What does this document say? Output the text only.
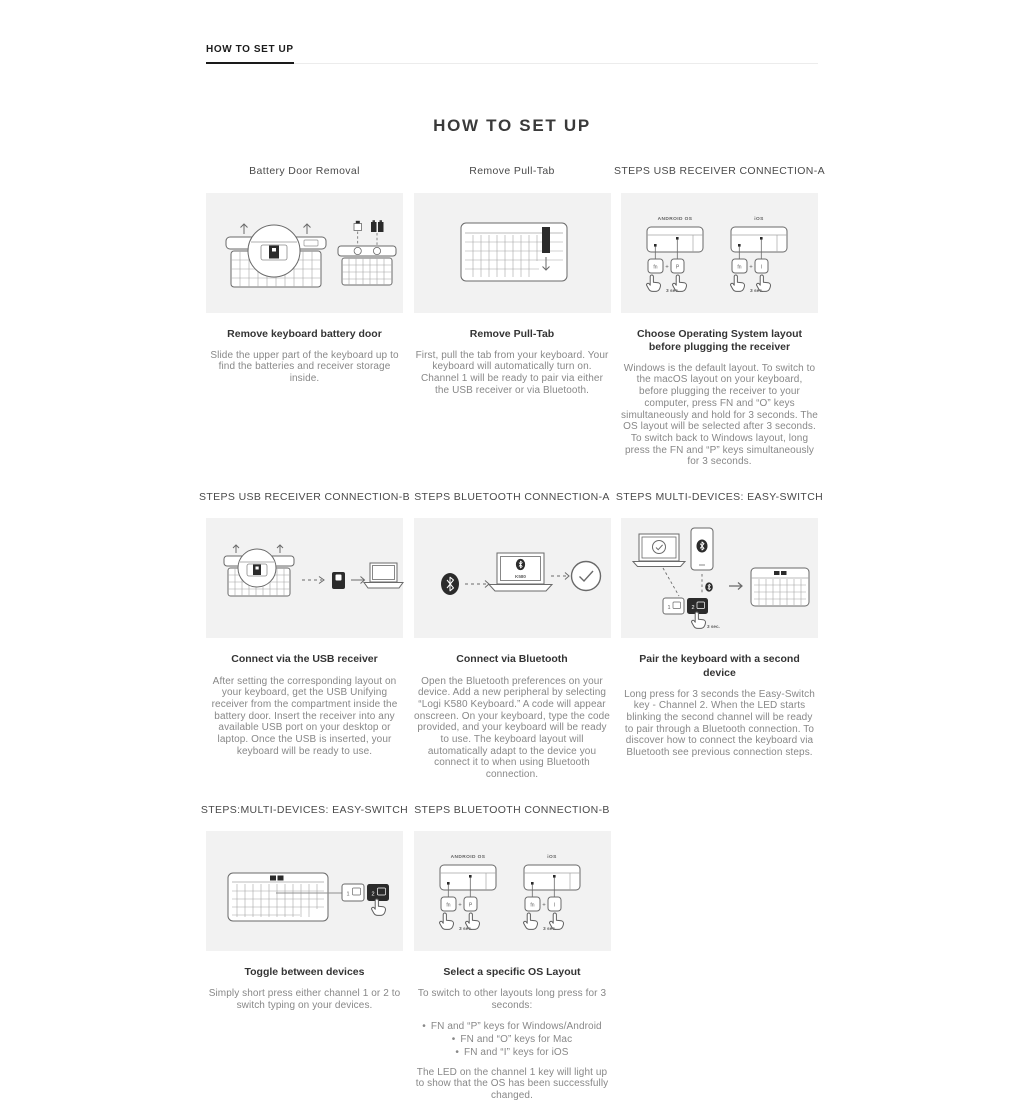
HOW TO SET UP
HOW TO SET UP
Battery Door Removal
Remove keyboard battery door
Slide the upper part of the keyboard up to find the batteries and receiver storage inside.
Remove Pull-Tab
Remove Pull-Tab
First, pull the tab from your keyboard. Your keyboard will automatically turn on. Channel 1 will be ready to pair via either the USB receiver or via Bluetooth.
STEPS USB RECEIVER CONNECTION-A
ANDROID OS
fn + P
3 sec.
iOS
fn + I
3 sec.
Choose Operating System layout before plugging the receiver
Windows is the default layout. To switch to the macOS layout on your keyboard, before plugging the receiver to your computer, press FN and “O” keys simultaneously and hold for 3 seconds. The OS layout will be selected after 3 seconds. To switch back to Windows layout, long press the FN and “P” keys simultaneously for 3 seconds.
STEPS USB RECEIVER CONNECTION-B
Connect via the USB receiver
After setting the corresponding layout on your keyboard, get the USB Unifying receiver from the compartment inside the battery door. Insert the receiver into any available USB port on your desktop or laptop. Once the USB is inserted, your keyboard will be ready to use.
STEPS BLUETOOTH CONNECTION-A
K580
Connect via Bluetooth
Open the Bluetooth preferences on your device. Add a new peripheral by selecting “Logi K580 Keyboard.” A code will appear onscreen. On your keyboard, type the code provided, and your keyboard will be ready to use. The keyboard layout will automatically adapt to the device you connect it to when using Bluetooth connection.
STEPS MULTI-DEVICES: EASY-SWITCH
1	2
3 sec.
Pair the keyboard with a second device
Long press for 3 seconds the Easy-Switch key - Channel 2. When the LED starts blinking the second channel will be ready to pair through a Bluetooth connection. To discover how to connect the keyboard via Bluetooth see previous connection steps.
STEPS:MULTI-DEVICES: EASY-SWITCH
1	2
Toggle between devices
Simply short press either channel 1 or 2 to switch typing on your devices.
STEPS BLUETOOTH CONNECTION-B
ANDROID OS
fn + P
3 sec.
iOS
fn + I
3 sec.
Select a specific OS Layout
To switch to other layouts long press for 3 seconds:
• FN and “P” keys for Windows/Android
• FN and “O” keys for Mac
• FN and “I” keys for iOS
The LED on the channel 1 key will light up to show that the OS has been successfully changed.
